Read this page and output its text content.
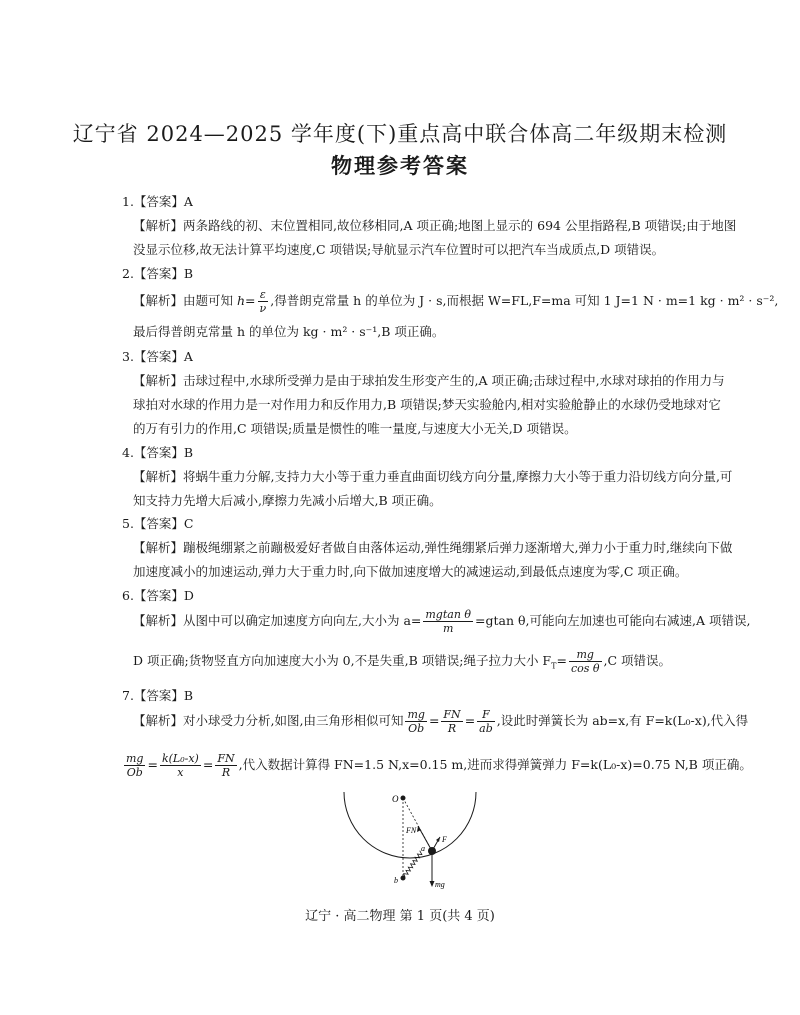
辽宁省 2024—2025 学年度(下)重点高中联合体高二年级期末检测
物理参考答案
1.【答案】A
【解析】两条路线的初、末位置相同,故位移相同,A 项正确;地图上显示的 694 公里指路程,B 项错误;由于地图
没显示位移,故无法计算平均速度,C 项错误;导航显示汽车位置时可以把汽车当成质点,D 项错误。
2.【答案】B
【解析】由题可知 $h= \frac{\varepsilon}{\nu}$ ,得普朗克常量 h 的单位为 J · s,而根据 W=FL,F=ma 可知 1 J=1 N · m=1 kg · m² · s⁻²,
最后得普朗克常量 h 的单位为 kg · m² · s⁻¹,B 项正确。
3.【答案】A
【解析】击球过程中,水球所受弹力是由于球拍发生形变产生的,A 项正确;击球过程中,水球对球拍的作用力与
球拍对水球的作用力是一对作用力和反作用力,B 项错误;梦天实验舱内,相对实验舱静止的水球仍受地球对它
的万有引力的作用,C 项错误;质量是惯性的唯一量度,与速度大小无关,D 项错误。
4.【答案】B
【解析】将蜗牛重力分解,支持力大小等于重力垂直曲面切线方向分量,摩擦力大小等于重力沿切线方向分量,可
知支持力先增大后减小,摩擦力先减小后增大,B 项正确。
5.【答案】C
【解析】蹦极绳绷紧之前蹦极爱好者做自由落体运动,弹性绳绷紧后弹力逐渐增大,弹力小于重力时,继续向下做
加速度减小的加速运动,弹力大于重力时,向下做加速度增大的减速运动,到最低点速度为零,C 项正确。
6.【答案】D
【解析】从图中可以确定加速度方向向左,大小为 $a= \frac{\text{mgtan θ}}{m} =gtan$ θ,可能向左加速也可能向右减速,A 项错误,
D 项正确;货物竖直方向加速度大小为 0,不是失重,B 项错误;绳子拉力大小 $F_T= \frac{mg}{\text{cos θ}} ,C$ 项错误。
7.【答案】B
【解析】对小球受力分析,如图,由三角形相似可知 $\frac{mg}{Ob} = \frac{FN}{R} = \frac{F}{ab}$ ,设此时弹簧长为 ab=x,有 F=k(L₀-x),代入得
$\frac{mg}{Ob} = \frac{\text{k(L₀-x)}}{x} = \frac{FN}{R}$ ,代入数据计算得 FN=1.5 N,x=0.15 m,进而求得弹簧弹力 F=k(L₀-x)=0.75 N,B 项正确。
O
FN
F
mg
a
b
辽宁 · 高二物理 第 1 页(共 4 页)
